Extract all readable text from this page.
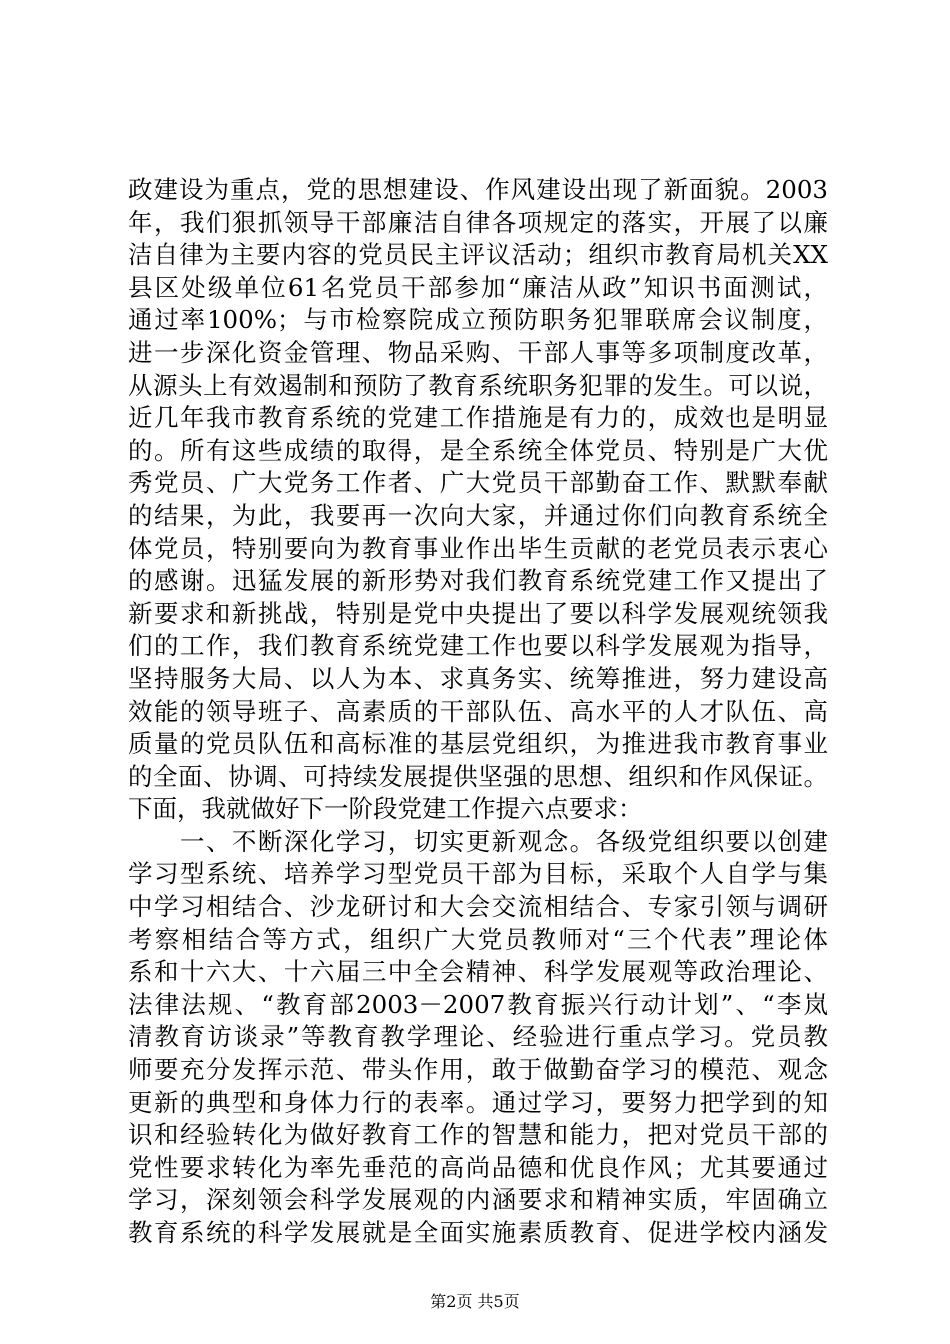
政建设为重点，党的思想建设、作风建设出现了新面貌。2003
年，我们狠抓领导干部廉洁自律各项规定的落实，开展了以廉
洁自律为主要内容的党员民主评议活动；组织市教育局机关XX
县区处级单位61名党员干部参加“廉洁从政”知识书面测试，
通过率100%；与市检察院成立预防职务犯罪联席会议制度，
进一步深化资金管理、物品采购、干部人事等多项制度改革，
从源头上有效遏制和预防了教育系统职务犯罪的发生。可以说，
近几年我市教育系统的党建工作措施是有力的，成效也是明显
的。所有这些成绩的取得，是全系统全体党员、特别是广大优
秀党员、广大党务工作者、广大党员干部勤奋工作、默默奉献
的结果，为此，我要再一次向大家，并通过你们向教育系统全
体党员，特别要向为教育事业作出毕生贡献的老党员表示衷心
的感谢。迅猛发展的新形势对我们教育系统党建工作又提出了
新要求和新挑战，特别是党中央提出了要以科学发展观统领我
们的工作，我们教育系统党建工作也要以科学发展观为指导，
坚持服务大局、以人为本、求真务实、统筹推进，努力建设高
效能的领导班子、高素质的干部队伍、高水平的人才队伍、高
质量的党员队伍和高标准的基层党组织，为推进我市教育事业
的全面、协调、可持续发展提供坚强的思想、组织和作风保证。
下面，我就做好下一阶段党建工作提六点要求：
　　一、不断深化学习，切实更新观念。各级党组织要以创建
学习型系统、培养学习型党员干部为目标，采取个人自学与集
中学习相结合、沙龙研讨和大会交流相结合、专家引领与调研
考察相结合等方式，组织广大党员教师对“三个代表”理论体
系和十六大、十六届三中全会精神、科学发展观等政治理论、
法律法规、“教育部2003－2007教育振兴行动计划”、“李岚
清教育访谈录”等教育教学理论、经验进行重点学习。党员教
师要充分发挥示范、带头作用，敢于做勤奋学习的模范、观念
更新的典型和身体力行的表率。通过学习，要努力把学到的知
识和经验转化为做好教育工作的智慧和能力，把对党员干部的
党性要求转化为率先垂范的高尚品德和优良作风；尤其要通过
学习，深刻领会科学发展观的内涵要求和精神实质，牢固确立
教育系统的科学发展就是全面实施素质教育、促进学校内涵发
第2页 共5页
